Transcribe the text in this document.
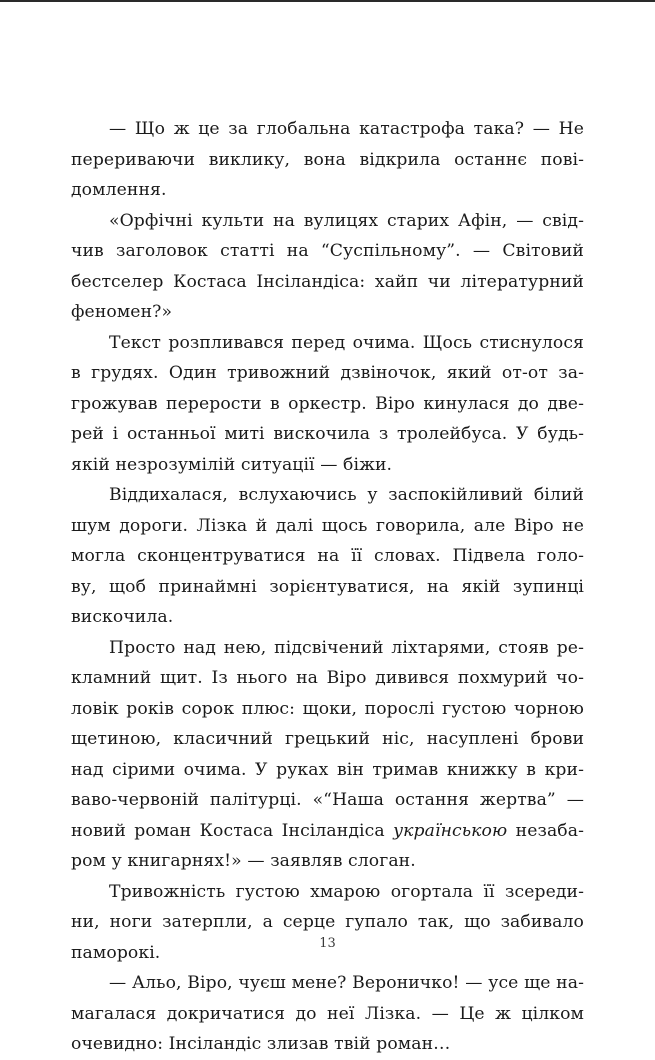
— Що ж це за глобальна катастрофа така? — Не
перериваючи виклику, вона відкрила останнє пові-
домлення.
«Орфічні культи на вулицях старих Афін, — свід-
чив заголовок статті на “Суспільному”. — Світовий
бестселер Костаса Інсіландіса: хайп чи літературний
феномен?»
Текст розпливався перед очима. Щось стиснулося
в грудях. Один тривожний дзвіночок, який от-от за-
грожував перерости в оркестр. Віро кинулася до две-
рей і останньої миті вискочила з тролейбуса. У будь-
якій незрозумілій ситуації — біжи.
Віддихалася, вслухаючись у заспокійливий білий
шум дороги. Лізка й далі щось говорила, але Віро не
могла сконцентруватися на її словах. Підвела голо-
ву, щоб принаймні зорієнтуватися, на якій зупинці
вискочила.
Просто над нею, підсвічений ліхтарями, стояв ре-
кламний щит. Із нього на Віро дивився похмурий чо-
ловік років сорок плюс: щоки, порослі густою чорною
щетиною, класичний грецький ніс, насуплені брови
над сірими очима. У руках він тримав книжку в кри-
ваво-червоній палітурці. «“Наша остання жертва” —
новий роман Костаса Інсіландіса українською незаба-
ром у книгарнях!» — заявляв слоган.
Тривожність густою хмарою огортала її зсереди-
ни, ноги затерпли, а серце гупало так, що забивало
паморокі.
— Альо, Віро, чуєш мене? Вероничко! — усе ще на-
магалася докричатися до неї Лізка. — Це ж цілком
очевидно: Інсіландіс злизав твій роман…
13
